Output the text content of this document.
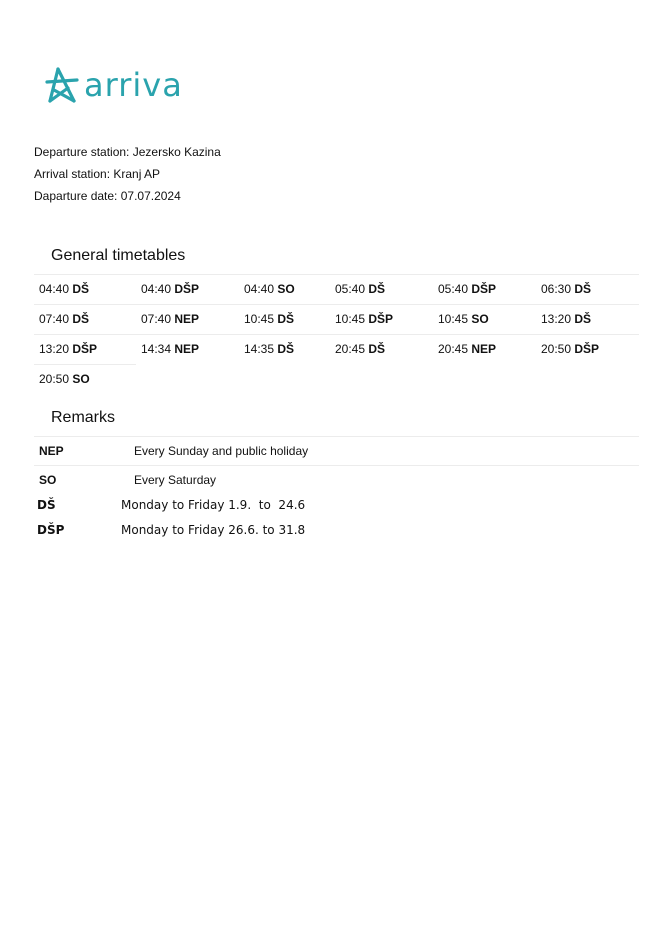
arriva
Departure station: Jezersko Kazina
Arrival station: Kranj AP
Daparture date: 07.07.2024
General timetables
04:40 DŠ	04:40 DŠP	04:40 SO	05:40 DŠ	05:40 DŠP	06:30 DŠ
07:40 DŠ	07:40 NEP	10:45 DŠ	10:45 DŠP	10:45 SO	13:20 DŠ
13:20 DŠP	14:34 NEP	14:35 DŠ	20:45 DŠ	20:45 NEP	20:50 DŠP
20:50 SO
Remarks
NEP	Every Sunday and public holiday
SO	Every Saturday
DŠ	Monday to Friday 1.9.  to  24.6
DŠP	Monday to Friday 26.6. to 31.8
